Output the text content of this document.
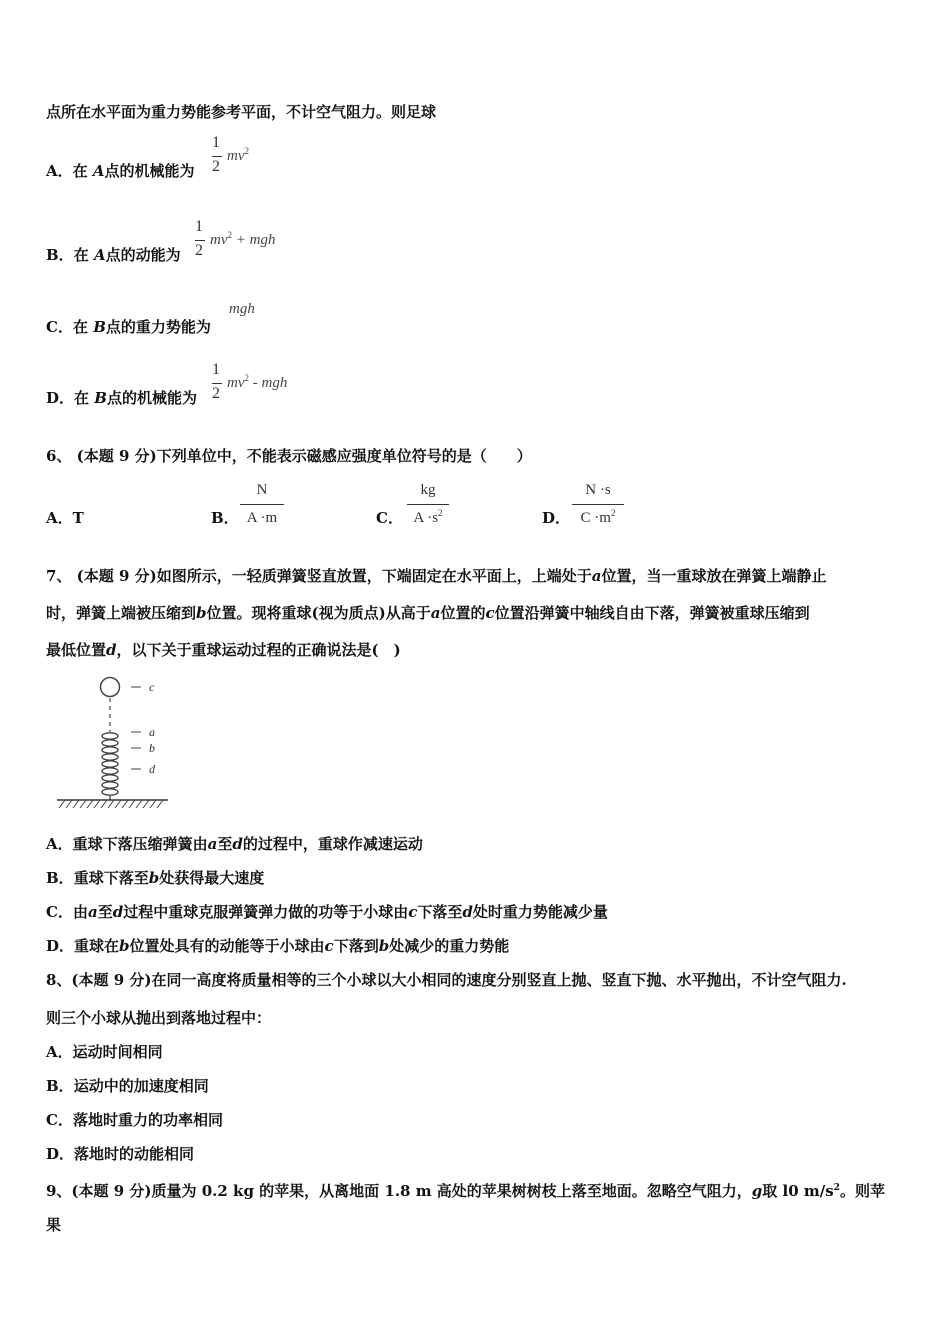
点所在水平面为重力势能参考平面，不计空气阻力。则足球
A．在 A点的机械能为
1
2
$mv^2$
B．在 A点的动能为
1
2
$mv^2$ + mgh
C．在 B点的重力势能为
mgh
D．在 B点的机械能为
1
2
$mv^2$ - mgh
6、 (本题 9 分)下列单位中，不能表示磁感应强度单位符号的是（　　）
A．T	B．
N
A ·m	C．
kg
$A \cdot s^2$	D．
N ·s
$C \cdot m^2$
7、 (本题 9 分)如图所示，一轻质弹簧竖直放置，下端固定在水平面上，上端处于a位置，当一重球放在弹簧上端静止
时，弹簧上端被压缩到b位置。现将重球(视为质点)从高于a位置的c位置沿弹簧中轴线自由下落，弹簧被重球压缩到
最低位置d，以下关于重球运动过程的正确说法是(　)
c
a
b
d
A．重球下落压缩弹簧由a至d的过程中，重球作减速运动
B．重球下落至b处获得最大速度
C．由a至d过程中重球克服弹簧弹力做的功等于小球由c下落至d处时重力势能减少量
D．重球在b位置处具有的动能等于小球由c下落到b处减少的重力势能
8、(本题 9 分)在同一高度将质量相等的三个小球以大小相同的速度分别竖直上抛、竖直下抛、水平抛出，不计空气阻力.
则三个小球从抛出到落地过程中：
A．运动时间相同
B．运动中的加速度相同
C．落地时重力的功率相同
D．落地时的动能相同
9、(本题 9 分)质量为 0.2 kg 的苹果，从离地面 1.8 m 高处的苹果树树枝上落至地面。忽略空气阻力，g取 l0 $m/s^2$。则苹
果
